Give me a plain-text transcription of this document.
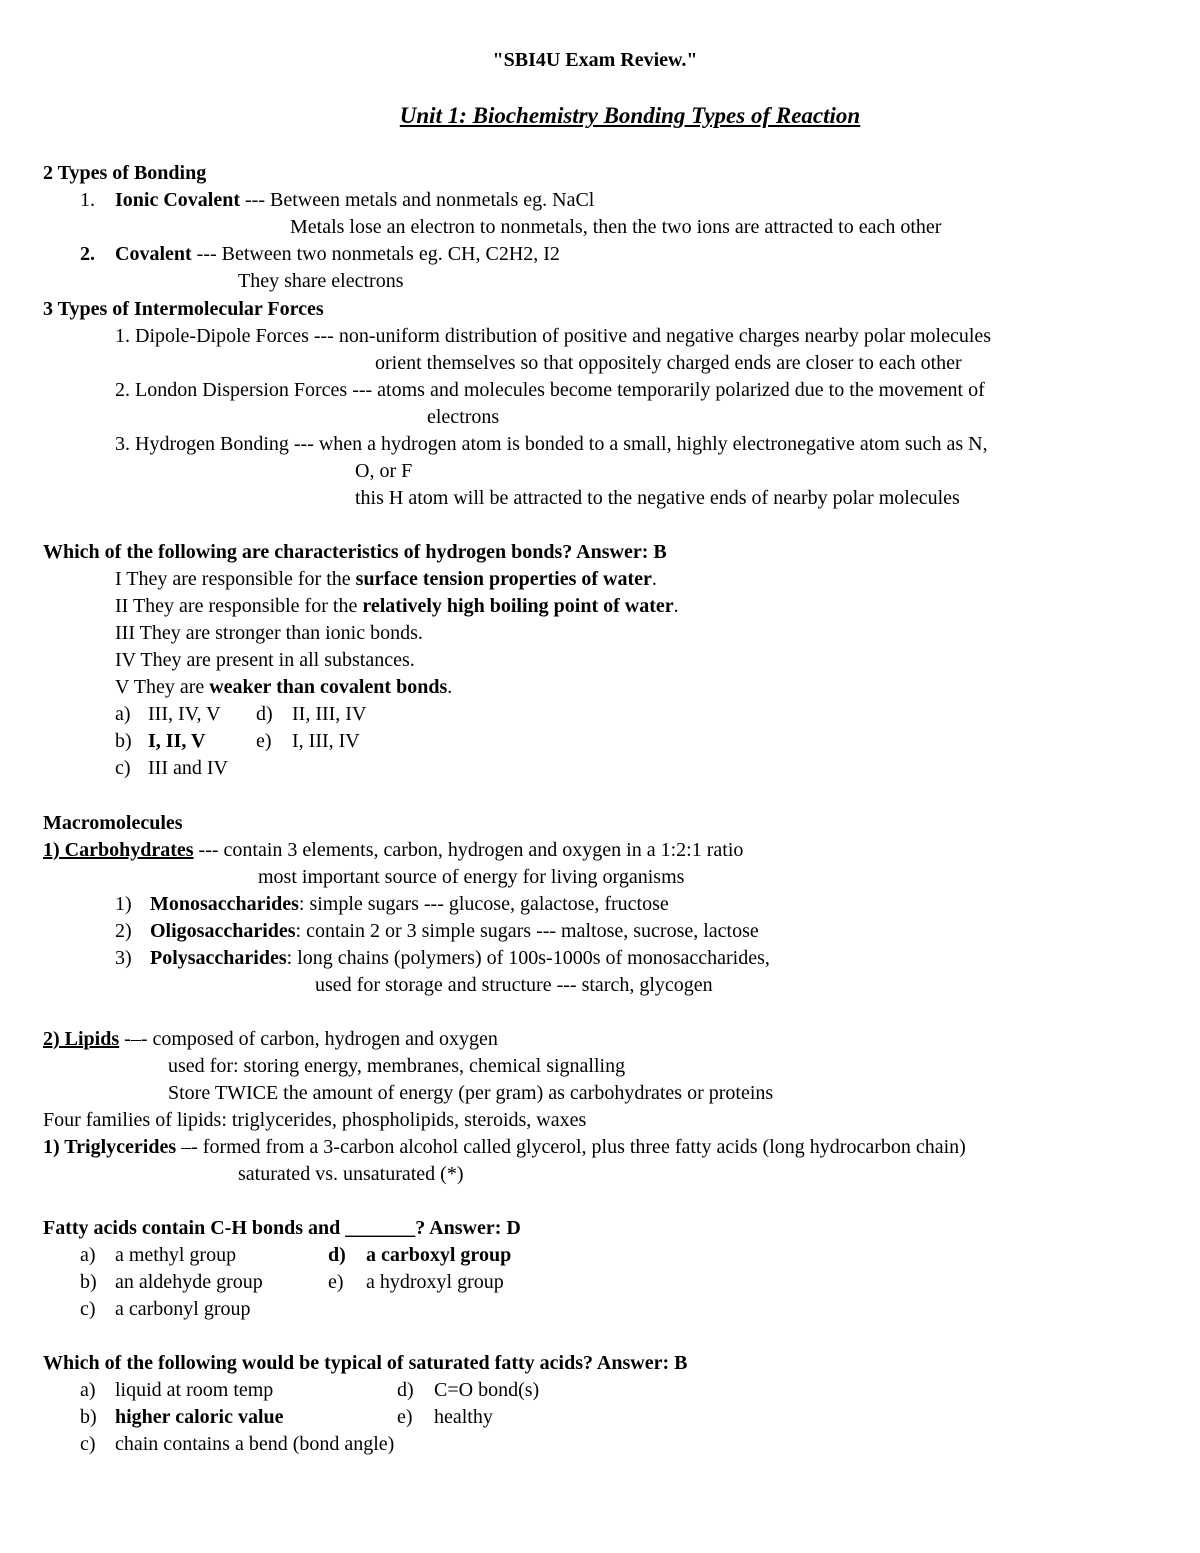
"SBI4U Exam Review."
Unit 1: Biochemistry Bonding Types of Reaction
2 Types of Bonding
1. Ionic Covalent --- Between metals and nonmetals eg. NaCl
Metals lose an electron to nonmetals, then the two ions are attracted to each other
2. Covalent --- Between two nonmetals eg. CH, C2H2, I2
They share electrons
3 Types of Intermolecular Forces
1. Dipole-Dipole Forces --- non-uniform distribution of positive and negative charges nearby polar molecules
orient themselves so that oppositely charged ends are closer to each other
2. London Dispersion Forces --- atoms and molecules become temporarily polarized due to the movement of
electrons
3. Hydrogen Bonding --- when a hydrogen atom is bonded to a small, highly electronegative atom such as N,
O, or F
this H atom will be attracted to the negative ends of nearby polar molecules
Which of the following are characteristics of hydrogen bonds? Answer: B
I They are responsible for the surface tension properties of water.
II They are responsible for the relatively high boiling point of water.
III They are stronger than ionic bonds.
IV They are present in all substances.
V They are weaker than covalent bonds.
a) III, IV, V d) II, III, IV
b) I, II, V	e) I, III, IV
c) III and IV
Macromolecules
1) Carbohydrates --- contain 3 elements, carbon, hydrogen and oxygen in a 1:2:1 ratio
most important source of energy for living organisms
1) Monosaccharides: simple sugars --- glucose, galactose, fructose
2) Oligosaccharides: contain 2 or 3 simple sugars --- maltose, sucrose, lactose
3) Polysaccharides: long chains (polymers) of 100s-1000s of monosaccharides,
used for storage and structure --- starch, glycogen
2) Lipids -–- composed of carbon, hydrogen and oxygen
used for: storing energy, membranes, chemical signalling
Store TWICE the amount of energy (per gram) as carbohydrates or proteins
Four families of lipids: triglycerides, phospholipids, steroids, waxes
1) Triglycerides –- formed from a 3-carbon alcohol called glycerol, plus three fatty acids (long hydrocarbon chain)
saturated vs. unsaturated (*)
Fatty acids contain C-H bonds and _______? Answer: D
a) a methyl group	d) a carboxyl group
b) an aldehyde group	e) a hydroxyl group
c) a carbonyl group
Which of the following would be typical of saturated fatty acids? Answer: B
a) liquid at room temp	d) C=O bond(s)
b) higher caloric value	e) healthy
c) chain contains a bend (bond angle)
